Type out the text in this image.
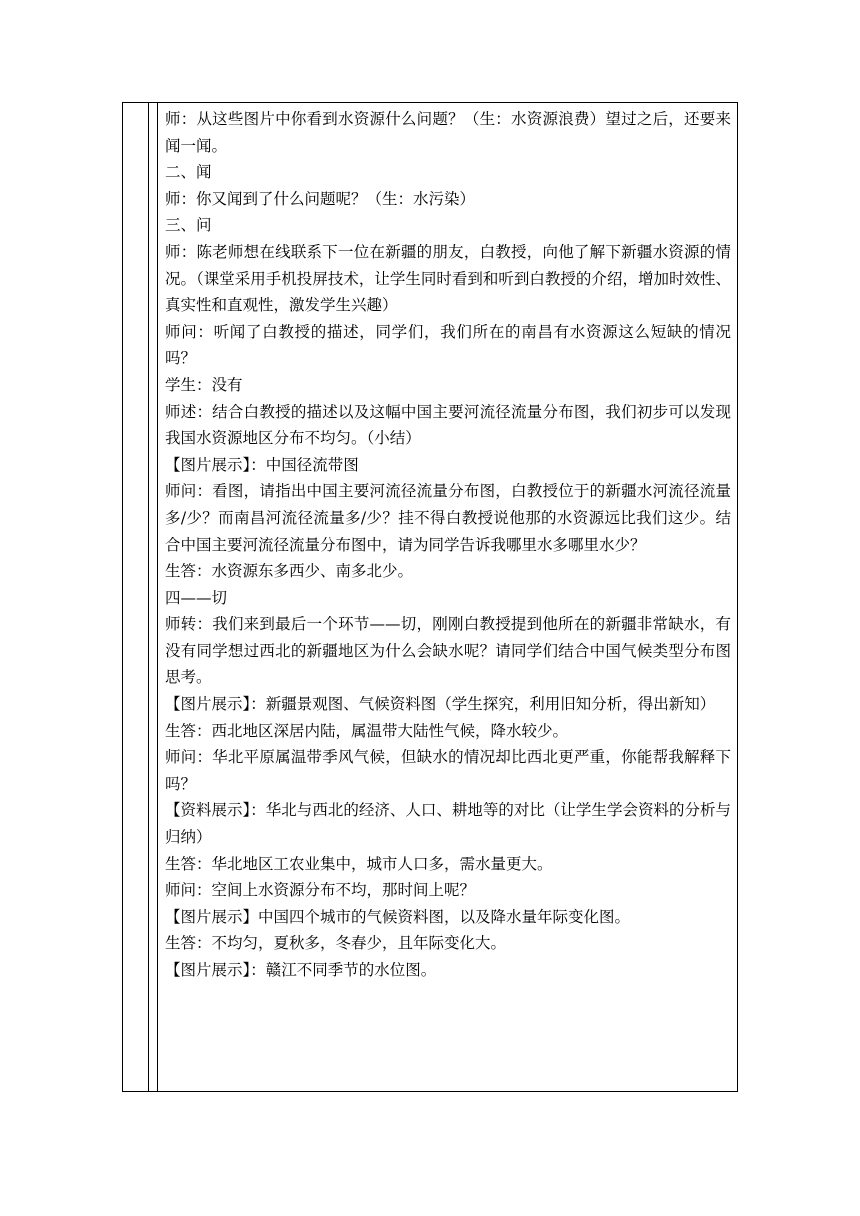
师：从这些图片中你看到水资源什么问题？（生：水资源浪费）望过之后，还要来闻一闻。

二、闻

师：你又闻到了什么问题呢？（生：水污染）

三、问

师：陈老师想在线联系下一位在新疆的朋友，白教授，向他了解下新疆水资源的情况。（课堂采用手机投屏技术，让学生同时看到和听到白教授的介绍，增加时效性、真实性和直观性，激发学生兴趣）

师问：听闻了白教授的描述，同学们，我们所在的南昌有水资源这么短缺的情况吗？

学生：没有

师述：结合白教授的描述以及这幅中国主要河流径流量分布图，我们初步可以发现我国水资源地区分布不均匀。（小结）

【图片展示】：中国径流带图

师问：看图，请指出中国主要河流径流量分布图，白教授位于的新疆水河流径流量多/少？而南昌河流径流量多/少？挂不得白教授说他那的水资源远比我们这少。结合中国主要河流径流量分布图中，请为同学告诉我哪里水多哪里水少？

生答：水资源东多西少、南多北少。

四——切

师转：我们来到最后一个环节——切，刚刚白教授提到他所在的新疆非常缺水，有没有同学想过西北的新疆地区为什么会缺水呢？请同学们结合中国气候类型分布图思考。

【图片展示】：新疆景观图、气候资料图（学生探究，利用旧知分析，得出新知）

生答：西北地区深居内陆，属温带大陆性气候，降水较少。

师问：华北平原属温带季风气候，但缺水的情况却比西北更严重，你能帮我解释下吗？

【资料展示】：华北与西北的经济、人口、耕地等的对比（让学生学会资料的分析与归纳）

生答：华北地区工农业集中，城市人口多，需水量更大。

师问：空间上水资源分布不均，那时间上呢？

【图片展示】中国四个城市的气候资料图，以及降水量年际变化图。

生答：不均匀，夏秋多，冬春少，且年际变化大。

【图片展示】：赣江不同季节的水位图。
